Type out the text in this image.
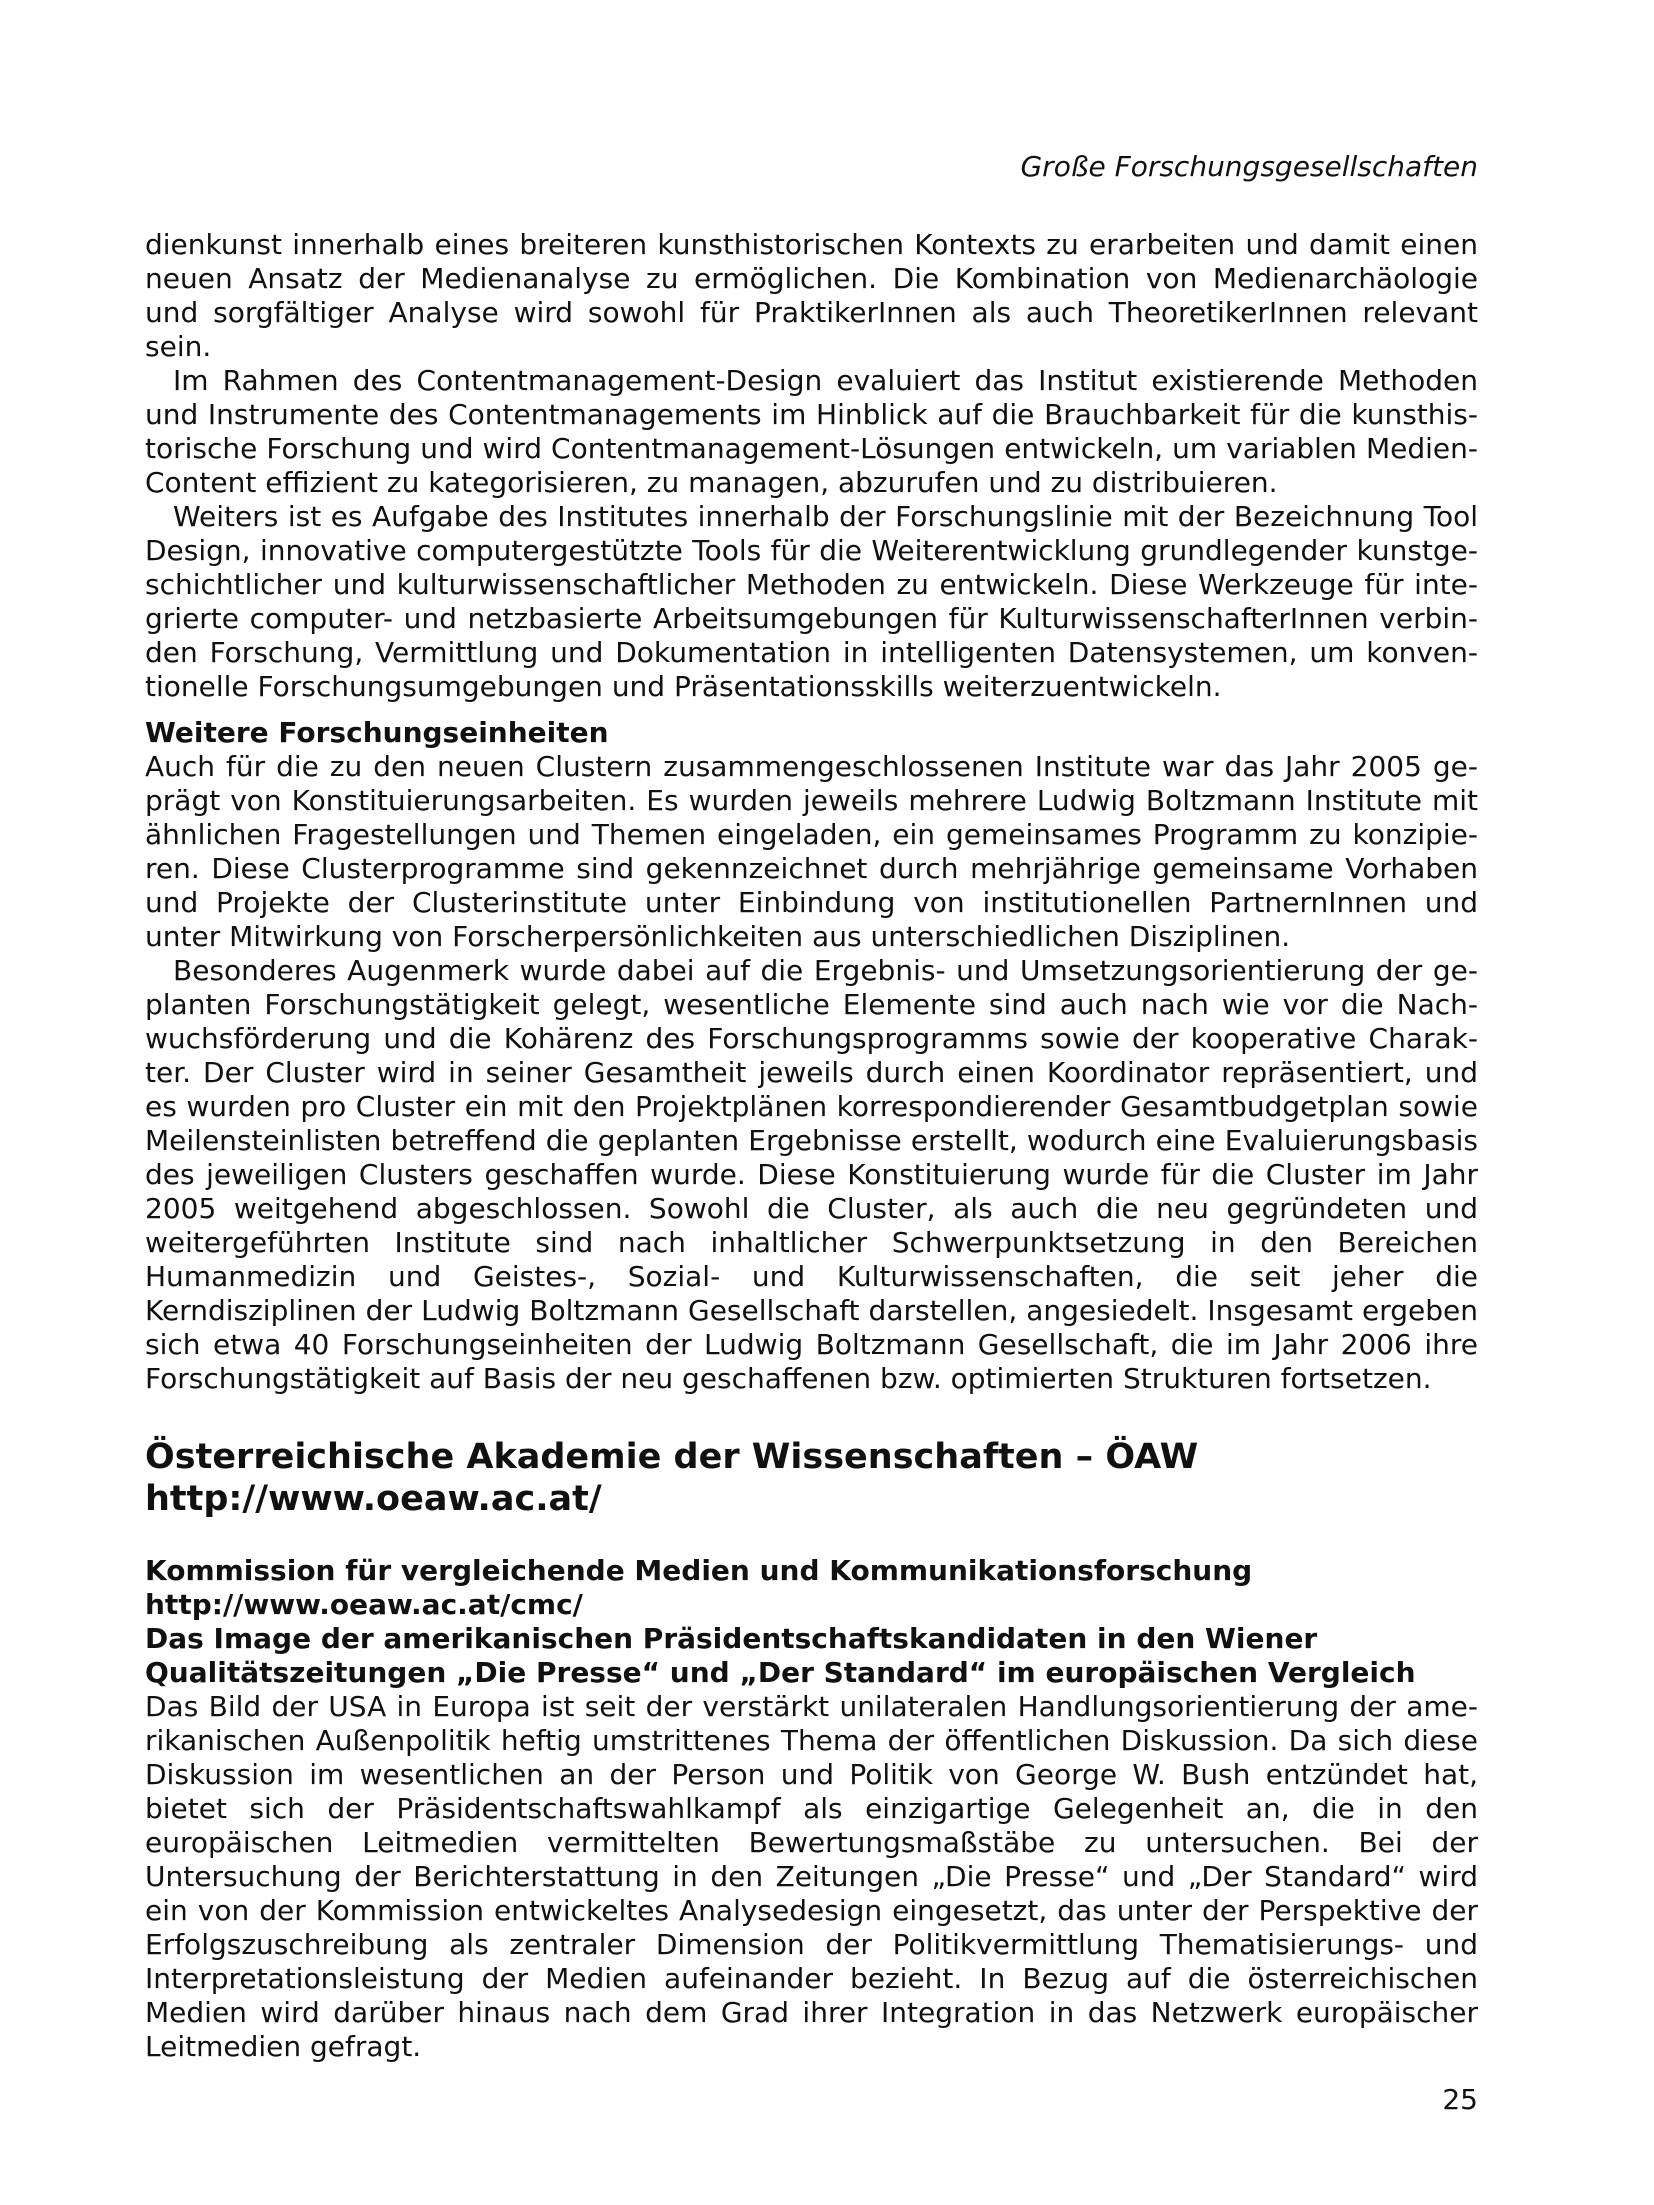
Große Forschungsgesellschaften

dienkunst innerhalb eines breiteren kunsthistorischen Kontexts zu erarbeiten und damit einen neuen Ansatz der Medienanalyse zu ermöglichen. Die Kombination von Medienarchäologie und sorgfältiger Analyse wird sowohl für PraktikerInnen als auch TheoretikerInnen relevant sein.

Im Rahmen des Contentmanagement-Design evaluiert das Institut existierende Methoden und Instrumente des Contentmanagements im Hinblick auf die Brauchbarkeit für die kunsthistorische Forschung und wird Contentmanagement-Lösungen entwickeln, um variablen MedienContent effizient zu kategorisieren, zu managen, abzurufen und zu distribuieren.

Weiters ist es Aufgabe des Institutes innerhalb der Forschungslinie mit der Bezeichnung Tool Design, innovative computergestützte Tools für die Weiterentwicklung grundlegender kunstgeschichtlicher und kulturwissenschaftlicher Methoden zu entwickeln. Diese Werkzeuge für integrierte computer- und netzbasierte Arbeitsumgebungen für KulturwissenschafterInnen verbinden Forschung, Vermittlung und Dokumentation in intelligenten Datensystemen, um konventionelle Forschungsumgebungen und Präsentationsskills weiterzuentwickeln.

Weitere Forschungseinheiten

Auch für die zu den neuen Clustern zusammengeschlossenen Institute war das Jahr 2005 geprägt von Konstituierungsarbeiten. Es wurden jeweils mehrere Ludwig Boltzmann Institute mit ähnlichen Fragestellungen und Themen eingeladen, ein gemeinsames Programm zu konzipieren. Diese Clusterprogramme sind gekennzeichnet durch mehrjährige gemeinsame Vorhaben und Projekte der Clusterinstitute unter Einbindung von institutionellen PartnernInnen und unter Mitwirkung von Forscherpersönlichkeiten aus unterschiedlichen Disziplinen.

Besonderes Augenmerk wurde dabei auf die Ergebnis- und Umsetzungsorientierung der geplanten Forschungstätigkeit gelegt, wesentliche Elemente sind auch nach wie vor die Nachwuchsförderung und die Kohärenz des Forschungsprogramms sowie der kooperative Charakter. Der Cluster wird in seiner Gesamtheit jeweils durch einen Koordinator repräsentiert, und es wurden pro Cluster ein mit den Projektplänen korrespondierender Gesamtbudgetplan sowie Meilensteinlisten betreffend die geplanten Ergebnisse erstellt, wodurch eine Evaluierungsbasis des jeweiligen Clusters geschaffen wurde. Diese Konstituierung wurde für die Cluster im Jahr 2005 weitgehend abgeschlossen. Sowohl die Cluster, als auch die neu gegründeten und weitergeführten Institute sind nach inhaltlicher Schwerpunktsetzung in den Bereichen Humanmedizin und Geistes-, Sozial- und Kulturwissenschaften, die seit jeher die Kerndisziplinen der Ludwig Boltzmann Gesellschaft darstellen, angesiedelt. Insgesamt ergeben sich etwa 40 Forschungseinheiten der Ludwig Boltzmann Gesellschaft, die im Jahr 2006 ihre Forschungstätigkeit auf Basis der neu geschaffenen bzw. optimierten Strukturen fortsetzen.

Österreichische Akademie der Wissenschaften – ÖAW
http://www.oeaw.ac.at/
Kommission für vergleichende Medien und Kommunikationsforschung
http://www.oeaw.ac.at/cmc/
Das Image der amerikanischen Präsidentschaftskandidaten in den Wiener
Qualitätszeitungen „Die Presse“ und „Der Standard“ im europäischen Vergleich

Das Bild der USA in Europa ist seit der verstärkt unilateralen Handlungsorientierung der amerikanischen Außenpolitik heftig umstrittenes Thema der öffentlichen Diskussion. Da sich diese Diskussion im wesentlichen an der Person und Politik von George W. Bush entzündet hat, bietet sich der Präsidentschaftswahlkampf als einzigartige Gelegenheit an, die in den europäischen Leitmedien vermittelten Bewertungsmaßstäbe zu untersuchen. Bei der Untersuchung der Berichterstattung in den Zeitungen „Die Presse“ und „Der Standard“ wird ein von der Kommission entwickeltes Analysedesign eingesetzt, das unter der Perspektive der Erfolgszuschreibung als zentraler Dimension der Politikvermittlung Thematisierungs- und Interpretationsleistung der Medien aufeinander bezieht. In Bezug auf die österreichischen Medien wird darüber hinaus nach dem Grad ihrer Integration in das Netzwerk europäischer Leitmedien gefragt.

25
